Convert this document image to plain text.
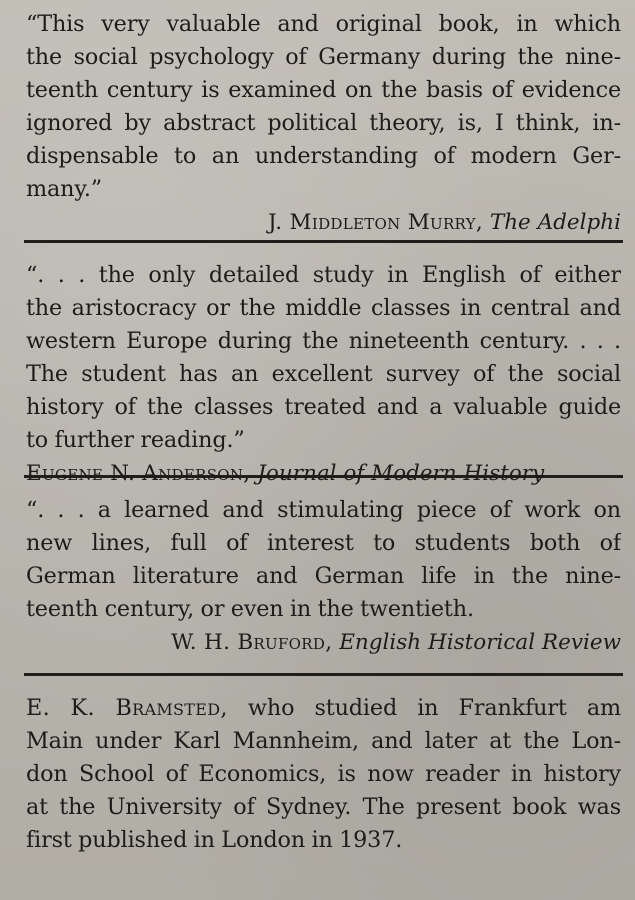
“This very valuable and original book, in which
the social psychology of Germany during the nine-
teenth century is examined on the basis of evidence
ignored by abstract political theory, is, I think, in-
dispensable to an understanding of modern Ger-
many.”

J. Middleton Murry, The Adelphi

“. . . the only detailed study in English of either
the aristocracy or the middle classes in central and
western Europe during the nineteenth century. . . .
The student has an excellent survey of the social
history of the classes treated and a valuable guide
to further reading.”

Eugene N. Anderson, Journal of Modern History

“. . . a learned and stimulating piece of work on
new lines, full of interest to students both of
German literature and German life in the nine-
teenth century, or even in the twentieth.

W. H. Bruford, English Historical Review

E. K. Bramsted, who studied in Frankfurt am
Main under Karl Mannheim, and later at the Lon-
don School of Economics, is now reader in history
at the University of Sydney. The present book was
first published in London in 1937.
